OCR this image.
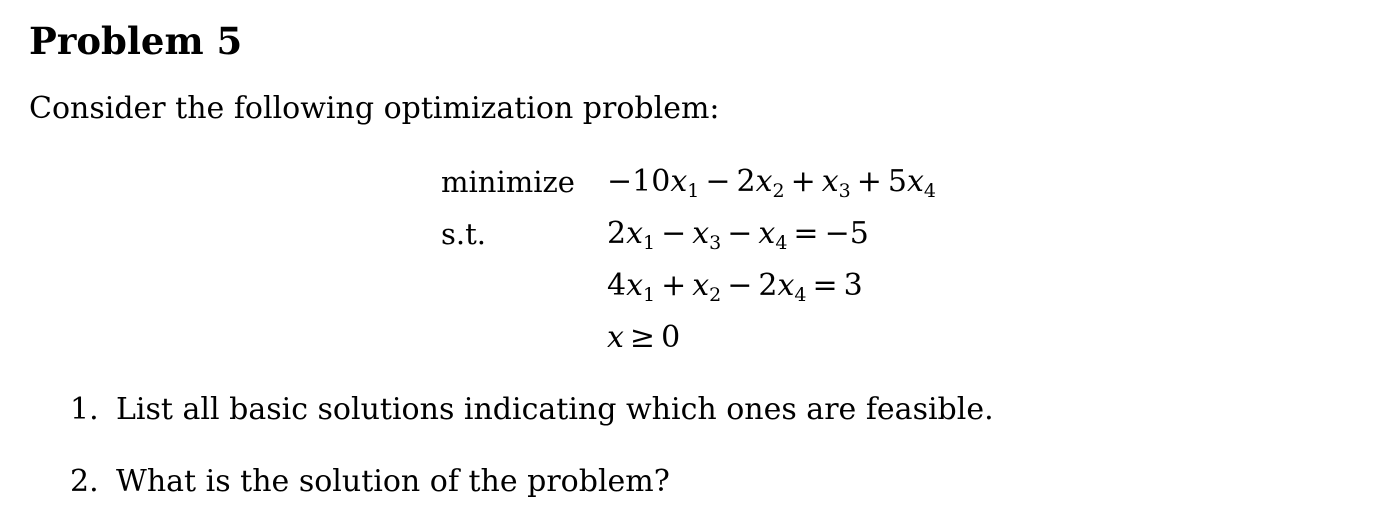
Problem 5
Consider the following optimization problem:
minimize
s.t.
$-10x_1 - 2x_2 + x_3 + 5x_4$
$2x_1 - x_3 - x_4 = -5$
$4x_1 + x_2 - 2x_4 = 3$
x ≥ 0
1. List all basic solutions indicating which ones are feasible.
2. What is the solution of the problem?
